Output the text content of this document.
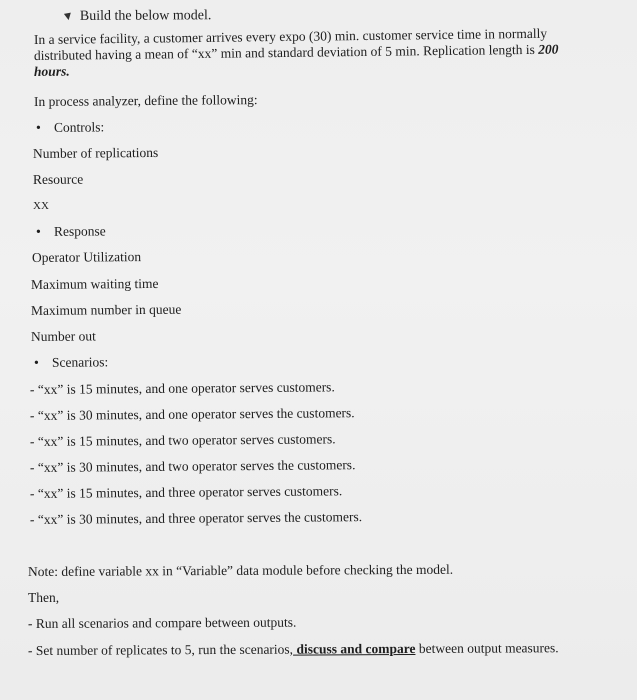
▼ Build the below model.
In a service facility, a customer arrives every expo (30) min. customer service time in normally
distributed having a mean of “xx” min and standard deviation of 5 min. Replication length is 200
hours.
In process analyzer, define the following:
• Controls:
Number of replications
Resource
XX
• Response
Operator Utilization
Maximum waiting time
Maximum number in queue
Number out
• Scenarios:
- “xx” is 15 minutes, and one operator serves customers.
- “xx” is 30 minutes, and one operator serves the customers.
- “xx” is 15 minutes, and two operator serves customers.
- “xx” is 30 minutes, and two operator serves the customers.
- “xx” is 15 minutes, and three operator serves customers.
- “xx” is 30 minutes, and three operator serves the customers.
Note: define variable xx in “Variable” data module before checking the model.
Then,
- Run all scenarios and compare between outputs.
- Set number of replicates to 5, run the scenarios, discuss and compare between output measures.
